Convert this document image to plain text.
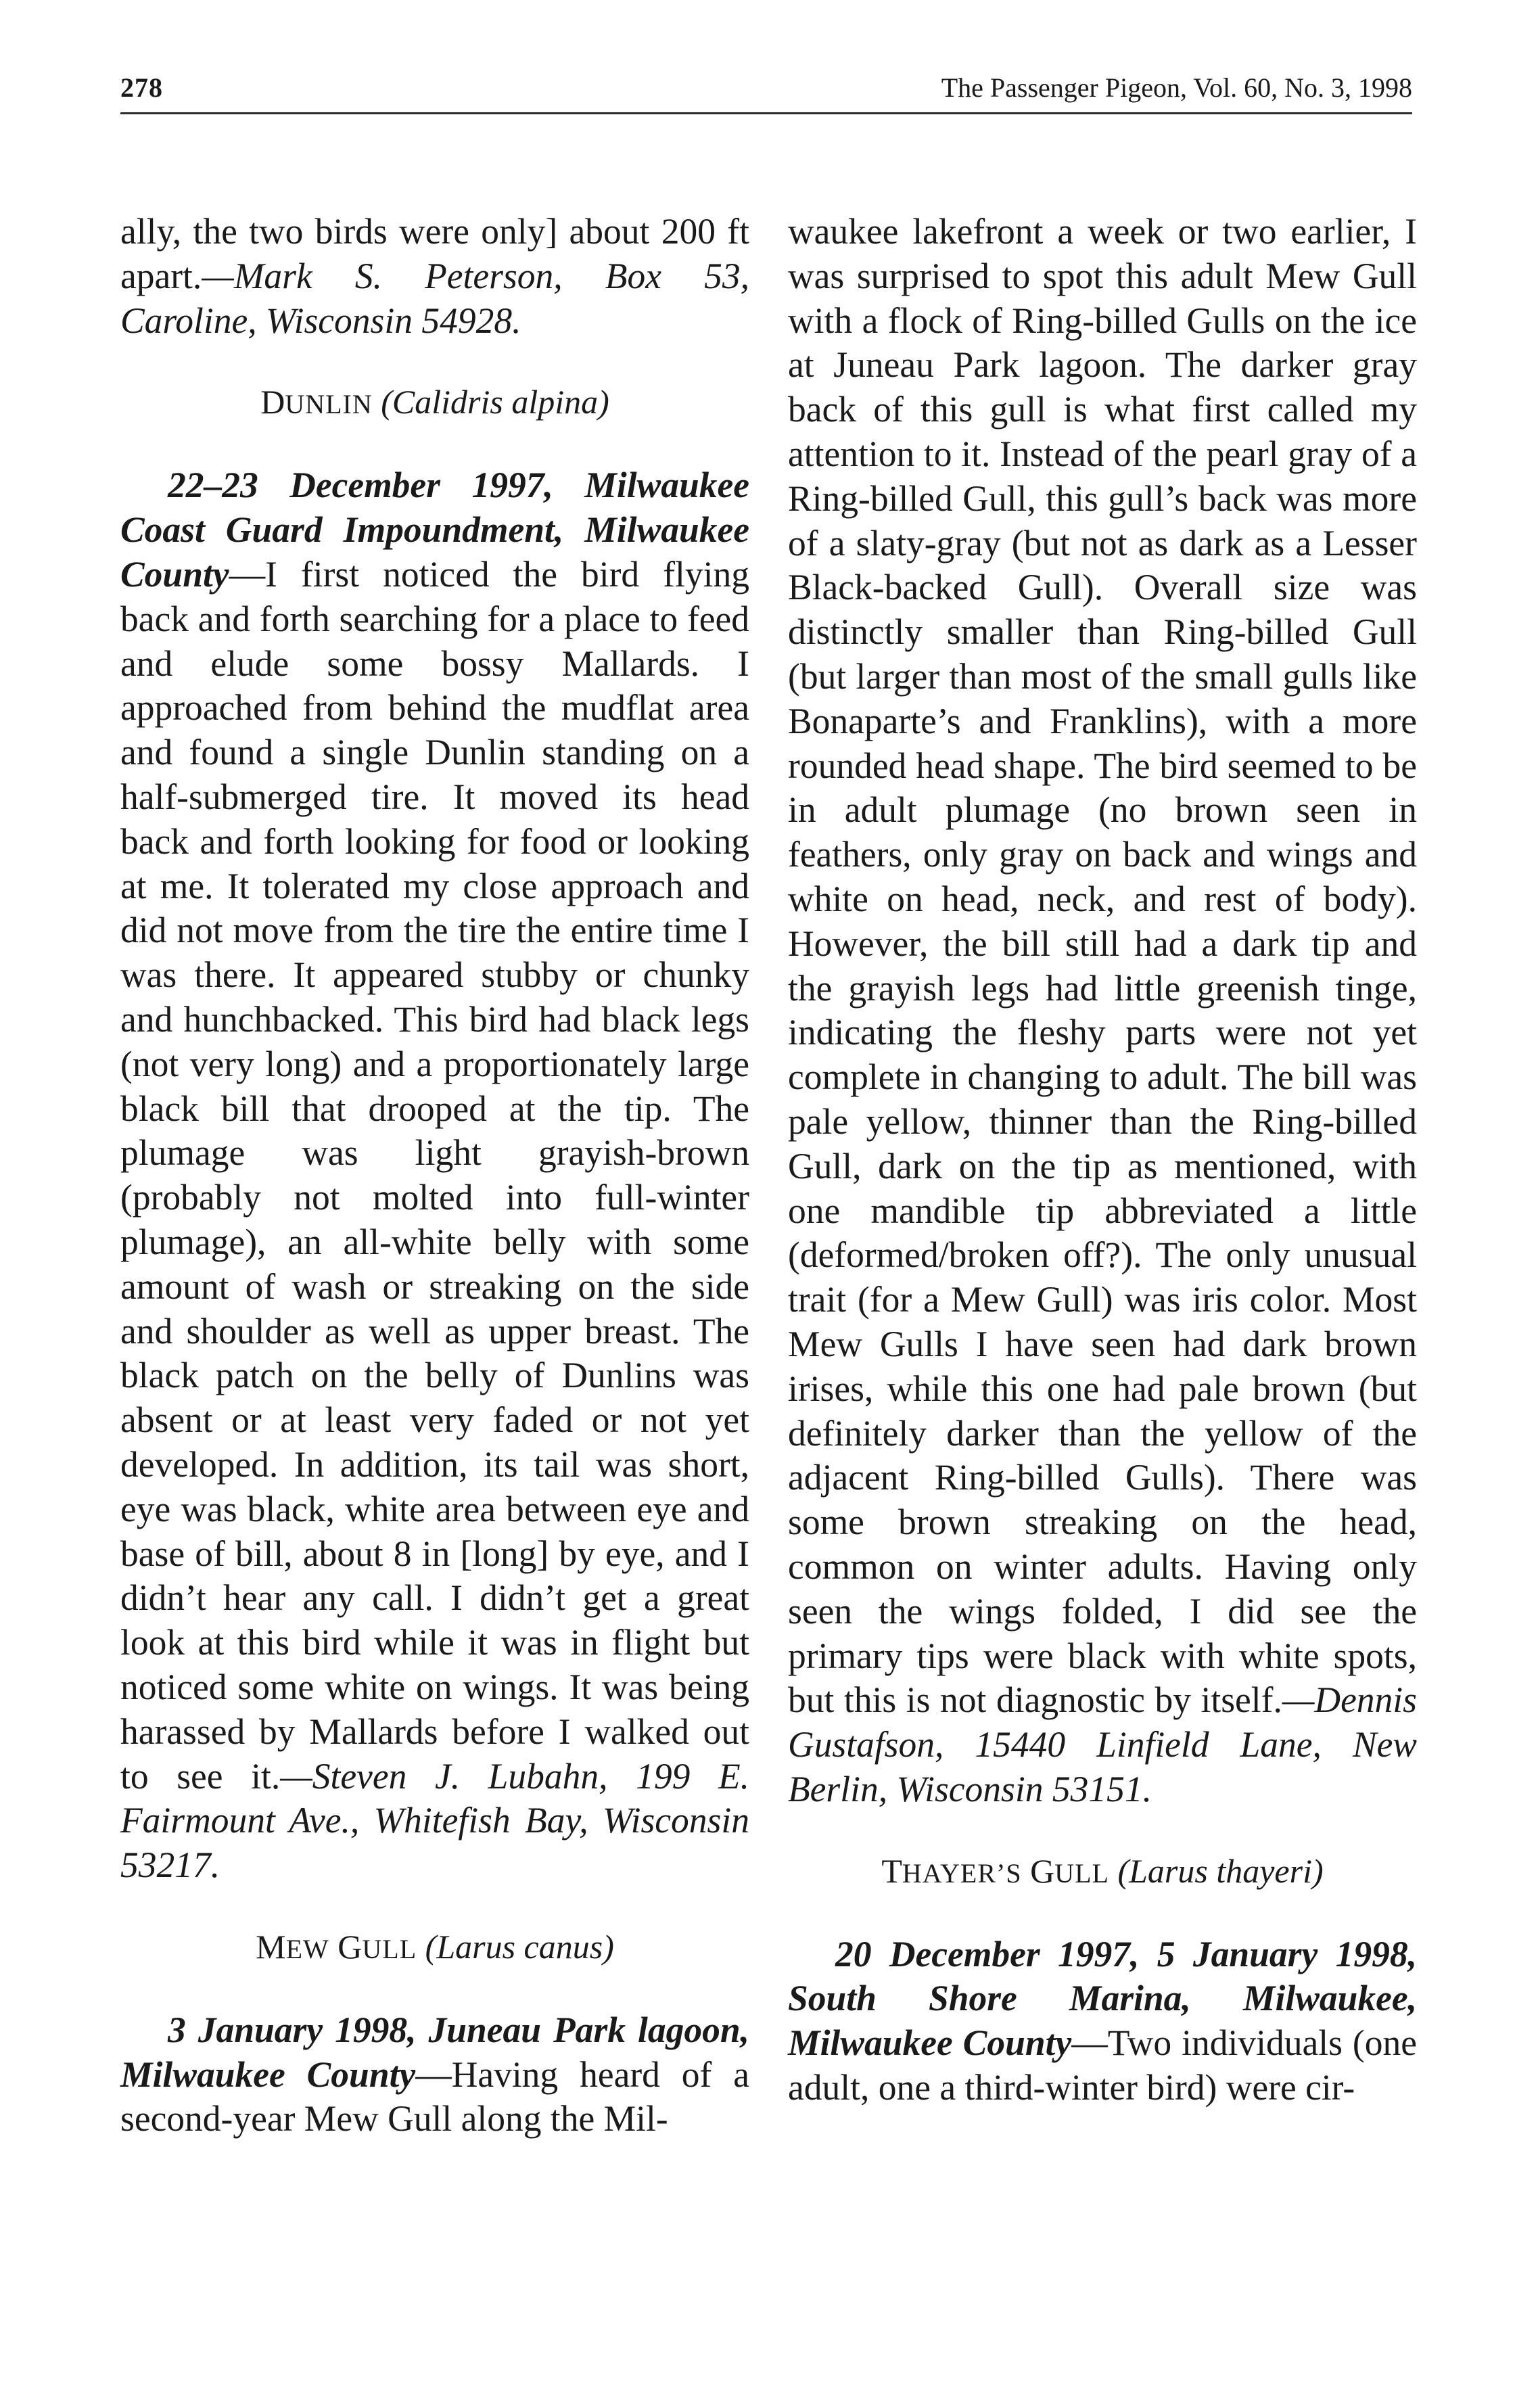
278	The Passenger Pigeon, Vol. 60, No. 3, 1998

ally, the two birds were only] about 200 ft apart.—Mark S. Peterson, Box 53, Caroline, Wisconsin 54928.

DUNLIN (Calidris alpina)

22–23 December 1997, Milwaukee Coast Guard Impoundment, Milwaukee County—I first noticed the bird flying back and forth searching for a place to feed and elude some bossy Mallards. I approached from behind the mudflat area and found a single Dunlin standing on a half-submerged tire. It moved its head back and forth looking for food or looking at me. It tolerated my close approach and did not move from the tire the entire time I was there. It appeared stubby or chunky and hunchbacked. This bird had black legs (not very long) and a proportionately large black bill that drooped at the tip. The plumage was light grayish-brown (probably not molted into full-winter plumage), an all-white belly with some amount of wash or streaking on the side and shoulder as well as upper breast. The black patch on the belly of Dunlins was absent or at least very faded or not yet developed. In addition, its tail was short, eye was black, white area between eye and base of bill, about 8 in [long] by eye, and I didn’t hear any call. I didn’t get a great look at this bird while it was in flight but noticed some white on wings. It was being harassed by Mallards before I walked out to see it.—Steven J. Lubahn, 199 E. Fairmount Ave., Whitefish Bay, Wisconsin 53217.

MEW GULL (Larus canus)

3 January 1998, Juneau Park lagoon, Milwaukee County—Having heard of a second-year Mew Gull along the Mil-

waukee lakefront a week or two earlier, I was surprised to spot this adult Mew Gull with a flock of Ring-billed Gulls on the ice at Juneau Park lagoon. The darker gray back of this gull is what first called my attention to it. Instead of the pearl gray of a Ring-billed Gull, this gull’s back was more of a slaty-gray (but not as dark as a Lesser Black-backed Gull). Overall size was distinctly smaller than Ring-billed Gull (but larger than most of the small gulls like Bonaparte’s and Franklins), with a more rounded head shape. The bird seemed to be in adult plumage (no brown seen in feathers, only gray on back and wings and white on head, neck, and rest of body). However, the bill still had a dark tip and the grayish legs had little greenish tinge, indicating the fleshy parts were not yet complete in changing to adult. The bill was pale yellow, thinner than the Ring-billed Gull, dark on the tip as mentioned, with one mandible tip abbreviated a little (deformed/broken off?). The only unusual trait (for a Mew Gull) was iris color. Most Mew Gulls I have seen had dark brown irises, while this one had pale brown (but definitely darker than the yellow of the adjacent Ring-billed Gulls). There was some brown streaking on the head, common on winter adults. Having only seen the wings folded, I did see the primary tips were black with white spots, but this is not diagnostic by itself.—Dennis Gustafson, 15440 Linfield Lane, New Berlin, Wisconsin 53151.

THAYER’S GULL (Larus thayeri)

20 December 1997, 5 January 1998, South Shore Marina, Milwaukee, Milwaukee County—Two individuals (one adult, one a third-winter bird) were cir-
